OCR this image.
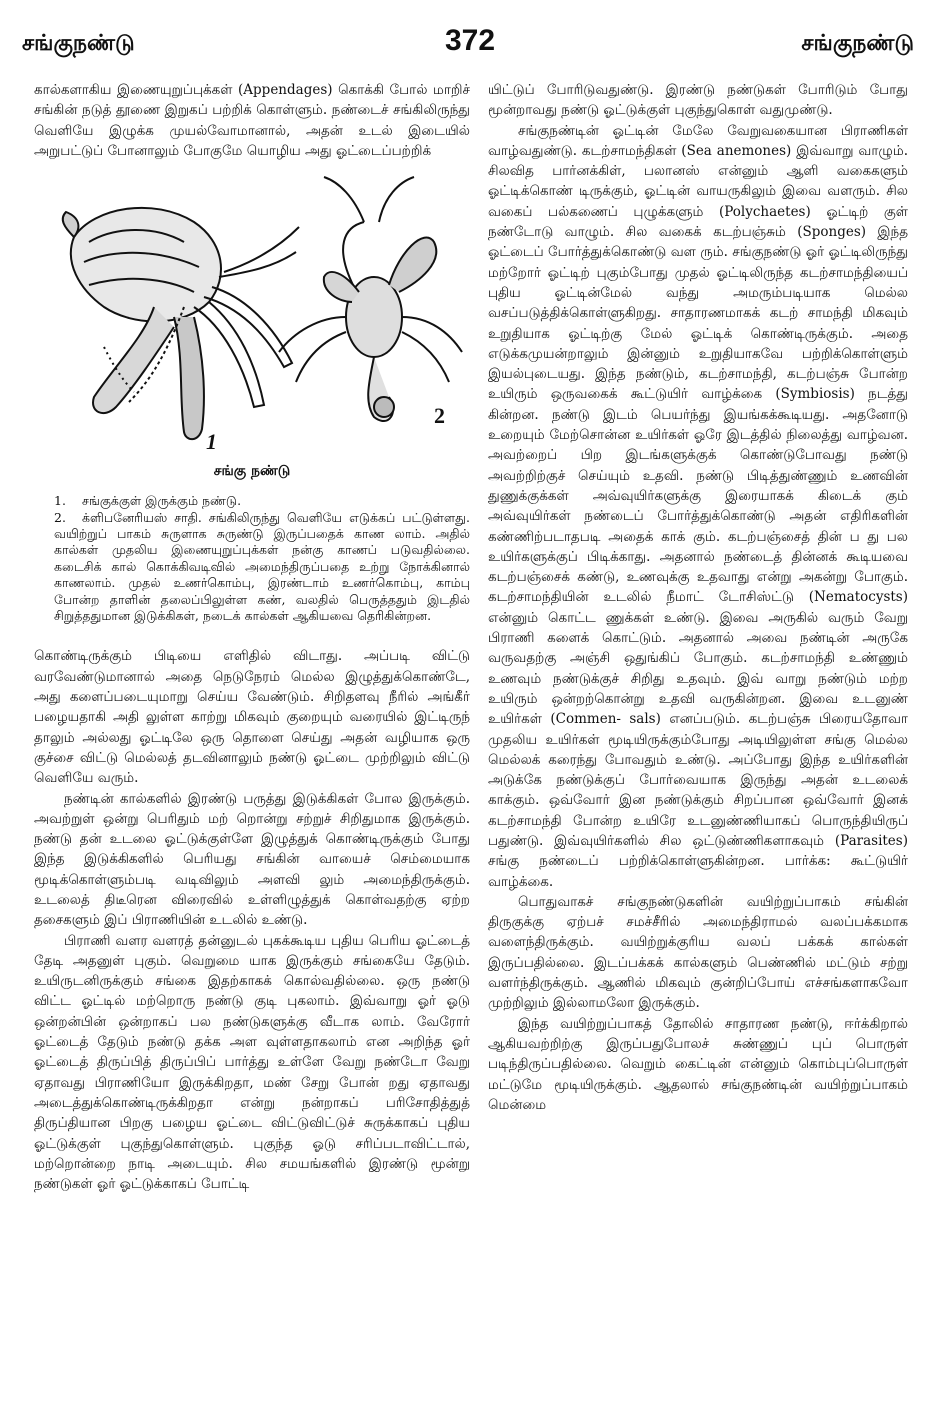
சங்குநண்டு	372	சங்குநண்டு

கால்களாகிய இணையுறுப்புக்கள் (Appendages) கொக்கி போல் மாறிச் சங்கின் நடுத் தூணை இறுகப் பற்றிக் கொள்ளும். நண்டைச் சங்கிலிருந்து வெளியே இழுக்க முயல்வோமானால், அதன் உடல் இடையில் அறுபட்டுப் போனாலும் போகுமே யொழிய அது ஓட்டைப்பற்றிக்

1
2
சங்கு நண்டு
1. சங்குக்குள் இருக்கும் நண்டு.
2. க்ளிபனேரியஸ் சாதி. சங்கிலிருந்து வெளியே எடுக்கப் பட்டுள்ளது. வயிற்றுப் பாகம் சுருளாக சுருண்டு இருப்பதைக் காண லாம். அதில் கால்கள் முதலிய இணையுறுப்புக்கள் நன்கு காணப் படுவதில்லை. கடைசிக் கால் கொக்கிவடிவில் அமைந்திருப்பதை உற்று நோக்கினால் காணலாம். முதல் உணர்கொம்பு, இரண்டாம் உணர்கொம்பு, காம்பு போன்ற தாளின் தலைப்பிலுள்ள கண், வலதில் பெருத்ததும் இடதில் சிறுத்ததுமான இடுக்கிகள், நடைக் கால்கள் ஆகியவை தெரிகின்றன.

கொண்டிருக்கும் பிடியை எளிதில் விடாது. அப்படி விட்டு வரவேண்டுமானால் அதை நெடுநேரம் மெல்ல இழுத்துக்கொண்டே, அது களைப்படையுமாறு செய்ய வேண்டும். சிறிதளவு நீரில் அங்கீர் பழையதாகி அதி லுள்ள காற்று மிகவும் குறையும் வரையில் இட்டிருந் தாலும் அல்லது ஓட்டிலே ஒரு தொளை செய்து அதன் வழியாக ஒரு குச்சை விட்டு மெல்லத் தடவினாலும் நண்டு ஓட்டை முற்றிலும் விட்டு வெளியே வரும்.

நண்டின் கால்களில் இரண்டு பருத்து இடுக்கிகள் போல இருக்கும். அவற்றுள் ஒன்று பெரிதும் மற் றொன்று சற்றுச் சிறிதுமாக இருக்கும். நண்டு தன் உடலை ஓட்டுக்குள்ளே இழுத்துக் கொண்டிருக்கும் போது இந்த இடுக்கிகளில் பெரியது சங்கின் வாயைச் செம்மையாக மூடிக்கொள்ளும்படி வடிவிலும் அளவி லும் அமைந்திருக்கும். உடலைத் திடீரென விரைவில் உள்ளிழுத்துக் கொள்வதற்கு ஏற்ற தசைகளும் இப் பிராணியின் உடலில் உண்டு.

பிராணி வளர வளரத் தன்னுடல் புகக்கூடிய புதிய பெரிய ஓட்டைத் தேடி அதனுள் புகும். வெறுமை யாக இருக்கும் சங்கையே தேடும். உயிருடனிருக்கும் சங்கை இதற்காகக் கொல்வதில்லை. ஒரு நண்டு விட்ட ஓட்டில் மற்றொரு நண்டு குடி புகலாம். இவ்வாறு ஓர் ஓடு ஒன்றன்பின் ஒன்றாகப் பல நண்டுகளுக்கு வீடாக லாம். வேரோர் ஓட்டைத் தேடும் நண்டு தக்க அள வுள்ளதாகலாம் என அறிந்த ஓர் ஓட்டைத் திருப்பித் திருப்பிப் பார்த்து உள்ளே வேறு நண்டோ வேறு ஏதாவது பிராணியோ இருக்கிறதா, மண் சேறு போன் றது ஏதாவது அடைத்துக்கொண்டிருக்கிறதா என்று நன்றாகப் பரிசோதித்துத் திருப்தியான பிறகு பழைய ஓட்டை விட்டுவிட்டுச் சுருக்காகப் புதிய ஓட்டுக்குள் புகுந்துகொள்ளும். புகுந்த ஓடு சரிப்படாவிட்டால், மற்றொன்றை நாடி அடையும். சில சமயங்களில் இரண்டு மூன்று நண்டுகள் ஓர் ஓட்டுக்காகப் போட்டி

யிட்டுப் போரிடுவதுண்டு. இரண்டு நண்டுகள் போரிடும் போது மூன்றாவது நண்டு ஓட்டுக்குள் புகுந்துகொள் வதுமுண்டு.

சங்குநண்டின் ஓட்டின் மேலே வேறுவகையான பிராணிகள் வாழ்வதுண்டு. கடற்சாமந்திகள் (Sea anemones) இவ்வாறு வாழும். சிலவித பார்னக்கிள், பலானஸ் என்னும் ஆளி வகைகளும் ஓட்டிக்கொண் டிருக்கும், ஓட்டின் வாயருகிலும் இவை வளரும். சில வகைப் பல்கணைப் புழுக்களும் (Polychaetes) ஓட்டிற் குள் நண்டோடு வாழும். சில வகைக் கடற்பஞ்சும் (Sponges) இந்த ஓட்டைப் போர்த்துக்கொண்டு வள ரும். சங்குநண்டு ஓர் ஓட்டிலிருந்து மற்றோர் ஓட்டிற் புகும்போது முதல் ஓட்டிலிருந்த கடற்சாமந்தியைப் புதிய ஓட்டின்மேல் வந்து அமரும்படியாக மெல்ல வசப்படுத்திக்கொள்ளுகிறது. சாதாரணமாகக் கடற் சாமந்தி மிகவும் உறுதியாக ஓட்டிற்கு மேல் ஓட்டிக் கொண்டிருக்கும். அதை எடுக்கமுயன்றாலும் இன்னும் உறுதியாகவே பற்றிக்கொள்ளும் இயல்புடையது. இந்த நண்டும், கடற்சாமந்தி, கடற்பஞ்சு போன்ற உயிரும் ஒருவகைக் கூட்டுயிர் வாழ்க்கை (Symbiosis) நடத்து கின்றன. நண்டு இடம் பெயர்ந்து இயங்கக்கூடியது. அதனோடு உறையும் மேற்சொன்ன உயிர்கள் ஓரே இடத்தில் நிலைத்து வாழ்வன. அவற்றைப் பிற இடங்களுக்குக் கொண்டுபோவது நண்டு அவற்றிற்குச் செய்யும் உதவி. நண்டு பிடித்துண்ணும் உணவின் துணுக்குக்கள் அவ்வுயிர்களுக்கு இரையாகக் கிடைக் கும் அவ்வுயிர்கள் நண்டைப் போர்த்துக்கொண்டு அதன் எதிரிகளின் கண்ணிற்படாதபடி அதைக் காக் கும். கடற்பஞ்சைத் தின் ப து பல உயிர்களுக்குப் பிடிக்காது. அதனால் நண்டைத் தின்னக் கூடியவை கடற்பஞ்சைக் கண்டு, உணவுக்கு உதவாது என்று அகன்று போகும். கடற்சாமந்தியின் உடலில் நீமாட் டோசிஸ்ட்டு (Nematocysts) என்னும் கொட்ட ணுக்கள் உண்டு. இவை அருகில் வரும் வேறு பிராணி களைக் கொட்டும். அதனால் அவை நண்டின் அருகே வருவதற்கு அஞ்சி ஒதுங்கிப் போகும். கடற்சாமந்தி உண்ணும் உணவும் நண்டுக்குச் சிறிது உதவும். இவ் வாறு நண்டும் மற்ற உயிரும் ஒன்றற்கொன்று உதவி வருகின்றன. இவை உடனுண் உயிர்கள் (Commen- sals) எனப்படும். கடற்பஞ்சு பிரையதோவா முதலிய உயிர்கள் மூடியிருக்கும்போது அடியிலுள்ள சங்கு மெல்ல மெல்லக் கரைந்து போவதும் உண்டு. அப்போது இந்த உயிர்களின் அடுக்கே நண்டுக்குப் போர்வையாக இருந்து அதன் உடலைக் காக்கும். ஒவ்வோர் இன நண்டுக்கும் சிறப்பான ஒவ்வோர் இனக் கடற்சாமந்தி போன்ற உயிரே உடனுண்ணியாகப் பொருந்தியிருப் பதுண்டு. இவ்வுயிர்களில் சில ஒட்டுண்ணிகளாகவும் (Parasites) சங்கு நண்டைப் பற்றிக்கொள்ளுகின்றன. பார்க்க: கூட்டுயிர் வாழ்க்கை.

பொதுவாகச் சங்குநண்டுகளின் வயிற்றுப்பாகம் சங்கின் திருகுக்கு ஏற்பச் சமச்சீரில் அமைந்திராமல் வலப்பக்கமாக வளைந்திருக்கும். வயிற்றுக்குரிய வலப் பக்கக் கால்கள் இருப்பதில்லை. இடப்பக்கக் கால்களும் பெண்ணில் மட்டும் சற்று வளர்ந்திருக்கும். ஆணில் மிகவும் குன்றிப்போய் எச்சங்களாகவோ முற்றிலும் இல்லாமலோ இருக்கும்.

இந்த வயிற்றுப்பாகத் தோலில் சாதாரண நண்டு, ஈர்க்கிறால் ஆகியவற்றிற்கு இருப்பதுபோலச் சுண்ணுப் புப் பொருள் படிந்திருப்பதில்லை. வெறும் கைட்டின் என்னும் கொம்புப்பொருள் மட்டுமே மூடியிருக்கும். ஆதலால் சங்குநண்டின் வயிற்றுப்பாகம் மென்மை
